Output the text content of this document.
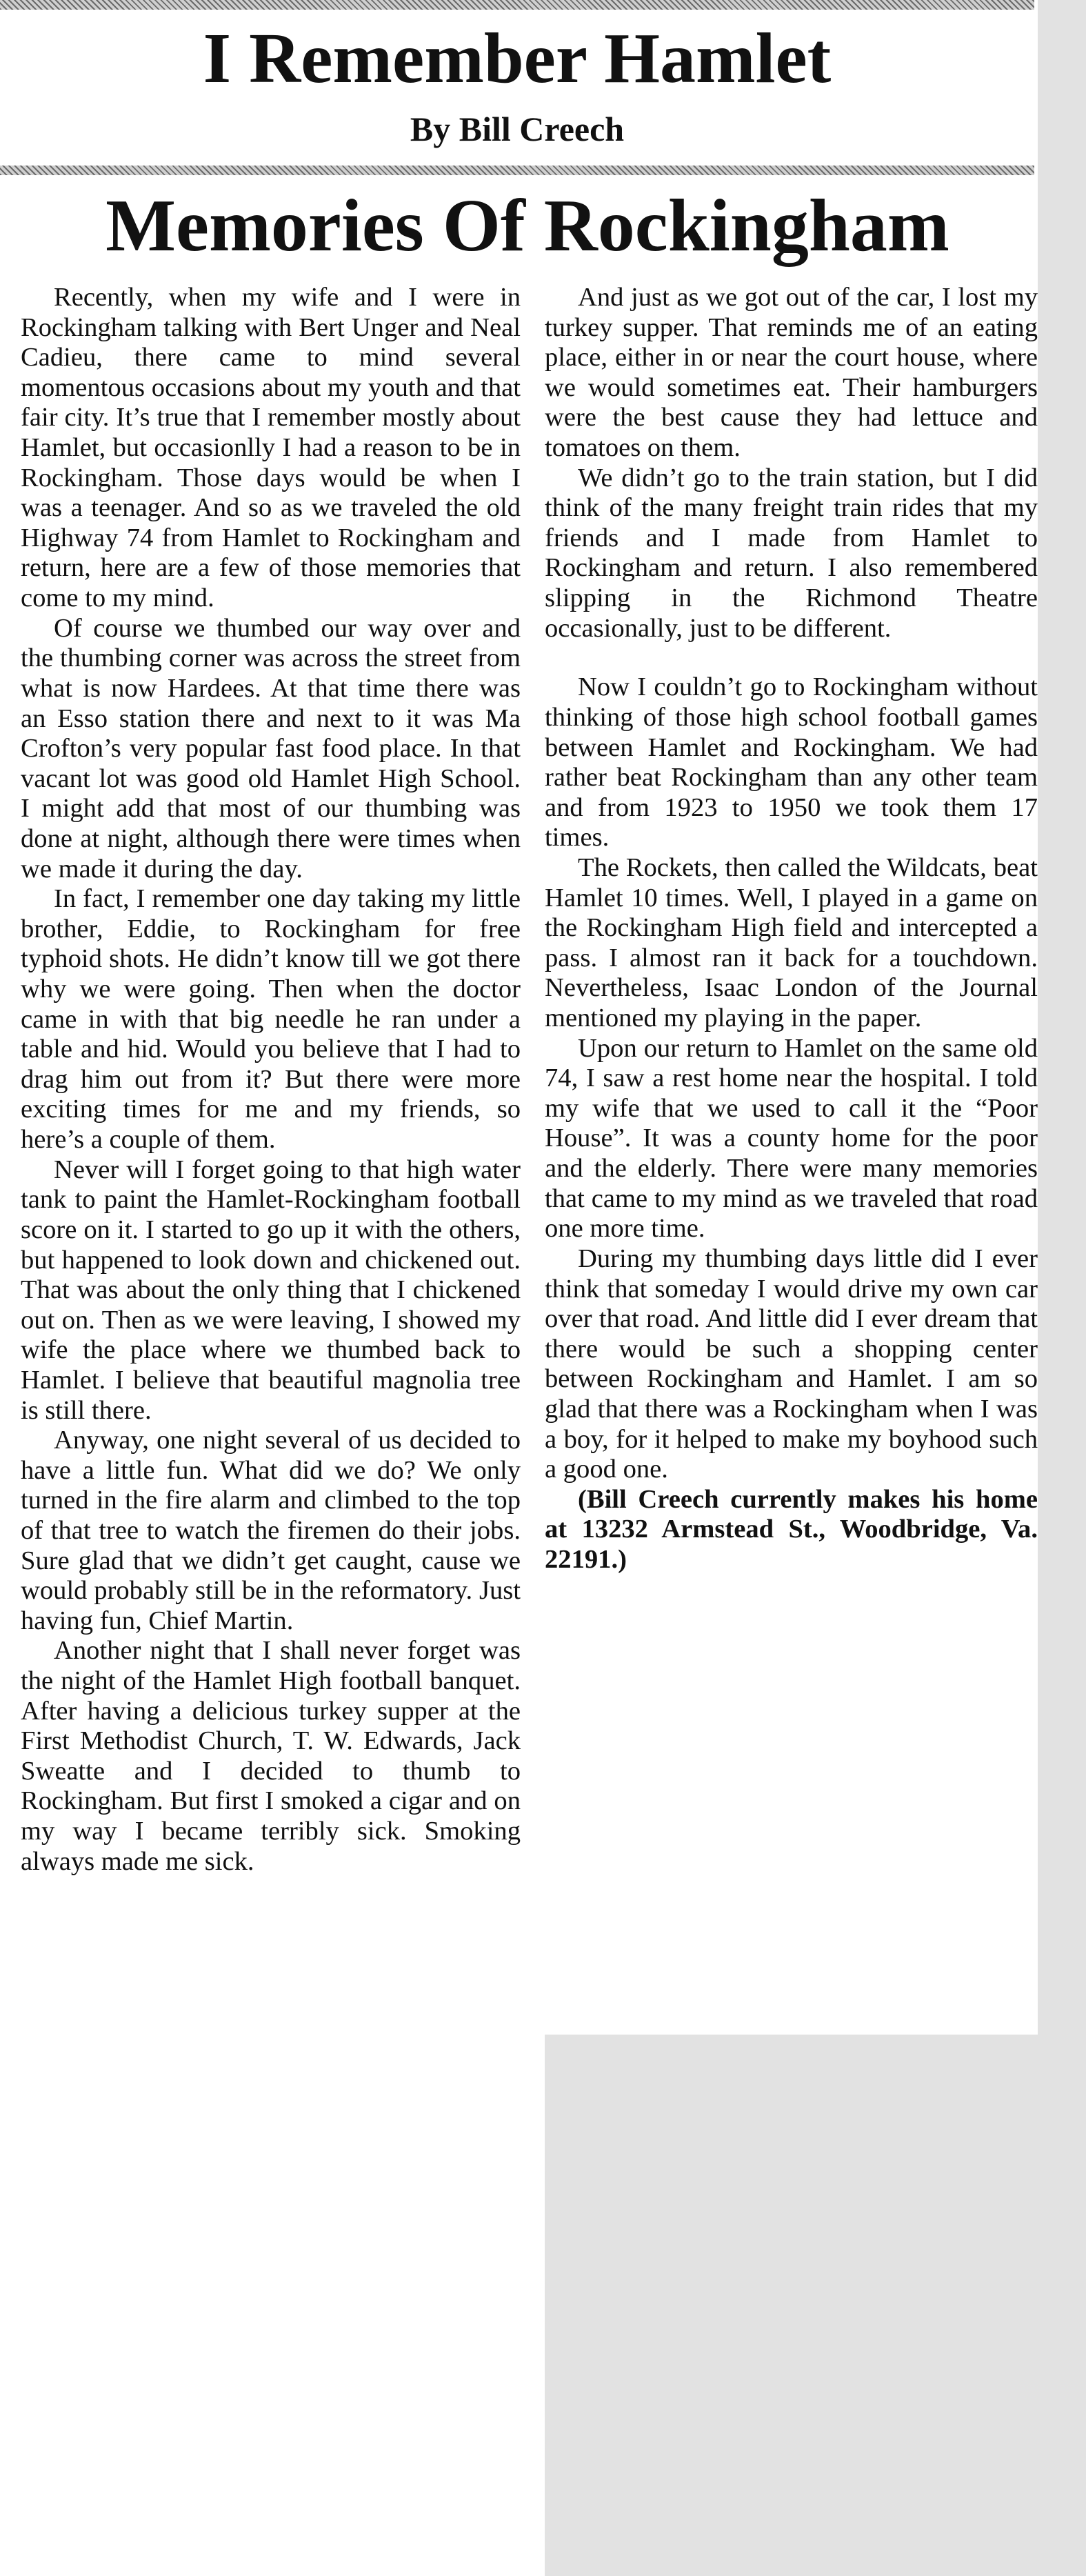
I Remember Hamlet
By Bill Creech
Memories Of Rockingham

Recently, when my wife and I were in Rockingham talking with Bert Unger and Neal Cadieu, there came to mind several momentous occasions about my youth and that fair city. It’s true that I remember mostly about Hamlet, but occasionlly I had a reason to be in Rockingham. Those days would be when I was a teenager. And so as we traveled the old Highway 74 from Hamlet to Rockingham and return, here are a few of those memories that come to my mind.

Of course we thumbed our way over and the thumbing corner was across the street from what is now Hardees. At that time there was an Esso station there and next to it was Ma Crofton’s very popular fast food place. In that vacant lot was good old Hamlet High School. I might add that most of our thumbing was done at night, although there were times when we made it during the day.

In fact, I remember one day taking my little brother, Eddie, to Rockingham for free typhoid shots. He didn’t know till we got there why we were going. Then when the doctor came in with that big needle he ran under a table and hid. Would you believe that I had to drag him out from it? But there were more exciting times for me and my friends, so here’s a couple of them.

Never will I forget going to that high water tank to paint the Hamlet-Rockingham football score on it. I started to go up it with the others, but happened to look down and chickened out. That was about the only thing that I chickened out on. Then as we were leaving, I showed my wife the place where we thumbed back to Hamlet. I believe that beautiful magnolia tree is still there.

Anyway, one night several of us decided to have a little fun. What did we do? We only turned in the fire alarm and climbed to the top of that tree to watch the firemen do their jobs. Sure glad that we didn’t get caught, cause we would probably still be in the reformatory. Just having fun, Chief Martin.

Another night that I shall never forget was the night of the Hamlet High football banquet. After having a delicious turkey supper at the First Methodist Church, T. W. Edwards, Jack Sweatte and I decided to thumb to Rockingham. But first I smoked a cigar and on my way I became terribly sick. Smoking always made me sick.

And just as we got out of the car, I lost my turkey supper. That reminds me of an eating place, either in or near the court house, where we would sometimes eat. Their hamburgers were the best cause they had lettuce and tomatoes on them.

We didn’t go to the train station, but I did think of the many freight train rides that my friends and I made from Hamlet to Rockingham and return. I also remembered slipping in the Richmond Theatre occasionally, just to be different.

Now I couldn’t go to Rockingham without thinking of those high school football games between Hamlet and Rockingham. We had rather beat Rockingham than any other team and from 1923 to 1950 we took them 17 times.

The Rockets, then called the Wildcats, beat Hamlet 10 times. Well, I played in a game on the Rockingham High field and intercepted a pass. I almost ran it back for a touchdown. Nevertheless, Isaac London of the Journal mentioned my playing in the paper.

Upon our return to Hamlet on the same old 74, I saw a rest home near the hospital. I told my wife that we used to call it the “Poor House”. It was a county home for the poor and the elderly. There were many memories that came to my mind as we traveled that road one more time.

During my thumbing days little did I ever think that someday I would drive my own car over that road. And little did I ever dream that there would be such a shopping center between Rockingham and Hamlet. I am so glad that there was a Rockingham when I was a boy, for it helped to make my boyhood such a good one.

(Bill Creech currently makes his home at 13232 Armstead St., Woodbridge, Va. 22191.)
